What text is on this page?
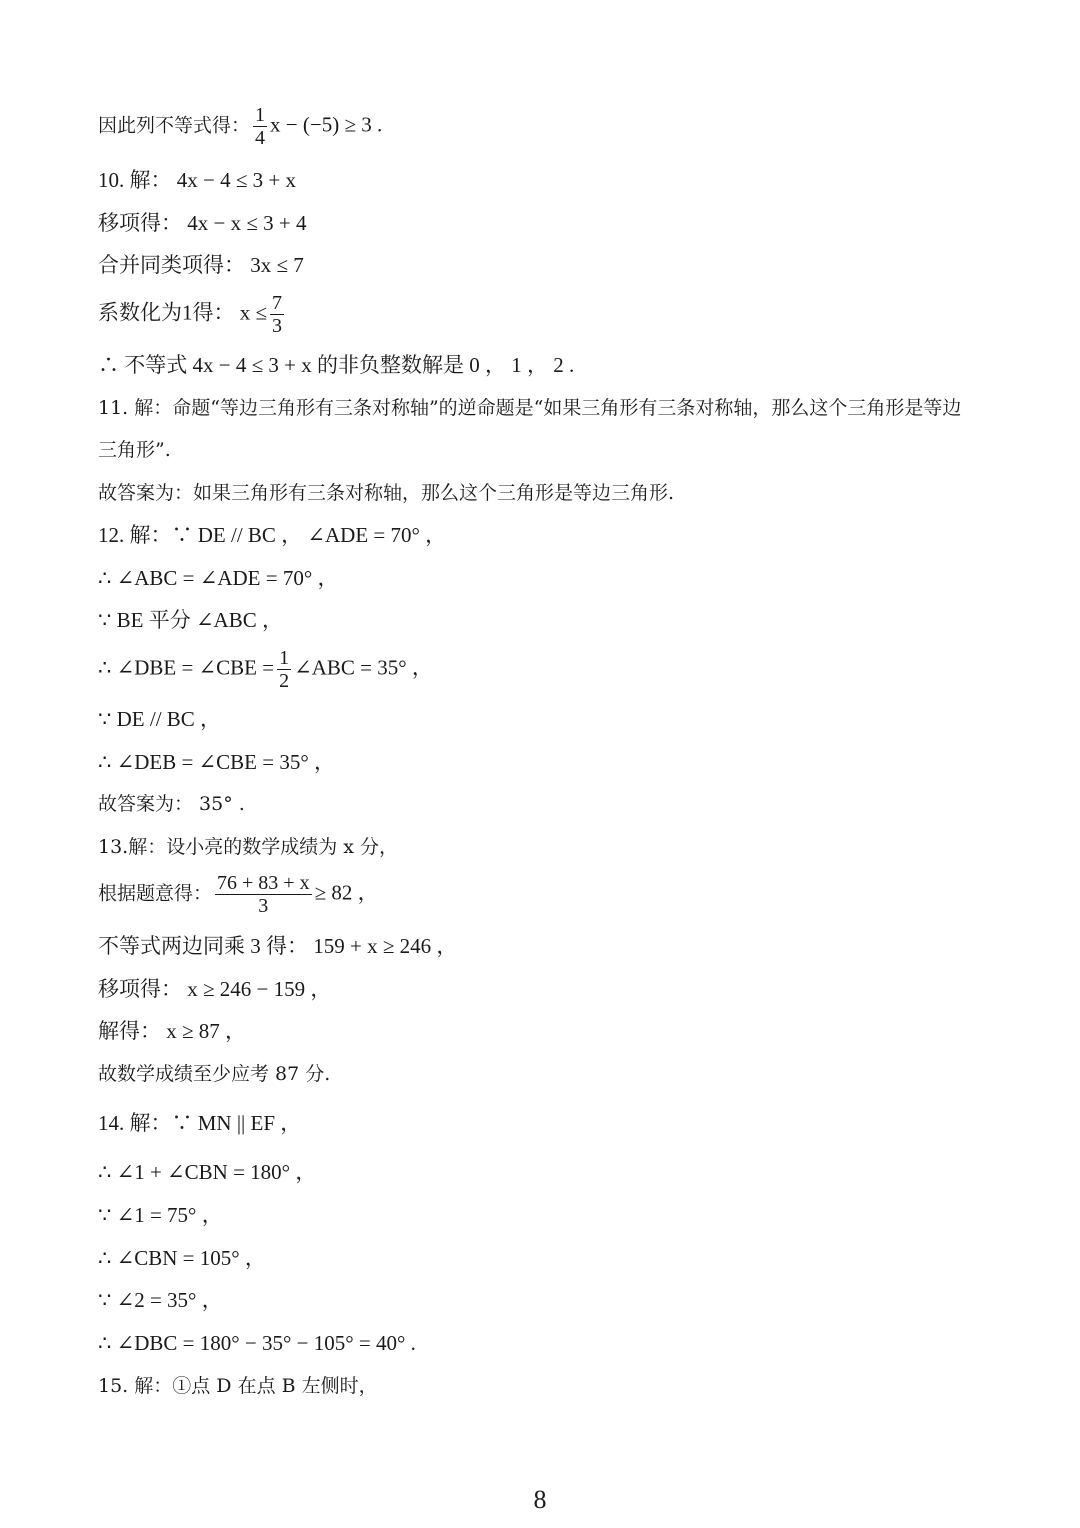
因此列不等式得： $\frac{1}{4}$ x − (−5) ≥ 3 .
10. 解： 4x − 4 ≤ 3 + x
移项得： 4x − x ≤ 3 + 4
合并同类项得： 3x ≤ 7
系数化为1得： $x \le \frac{7}{3}$
∴ 不等式 4x − 4 ≤ 3 + x 的非负整数解是 0 ， 1 ， 2 .
11. 解：命题“等边三角形有三条对称轴”的逆命题是“如果三角形有三条对称轴，那么这个三角形是等边
三角形”.
故答案为：如果三角形有三条对称轴，那么这个三角形是等边三角形.
12. 解：∵ DE // BC ， ∠ADE = 70° ，
∴ ∠ABC = ∠ADE = 70° ，
∵ BE 平分 ∠ABC ，
∴ ∠DBE = ∠CBE = $\frac{1}{2}$ ∠ABC = 35° ，
∵ DE // BC ，
∴ ∠DEB = ∠CBE = 35° ，
故答案为： 35° .
13.解：设小亮的数学成绩为 x 分，
根据题意得： $\frac{76 + 83 + x}{3} \ge 82$ ，
不等式两边同乘 3 得： 159 + x ≥ 246 ，
移项得： x ≥ 246 − 159 ，
解得： x ≥ 87 ，
故数学成绩至少应考 87 分.
14. 解：∵ MN || EF ，
∴ ∠1 + ∠CBN = 180° ，
∵ ∠1 = 75° ，
∴ ∠CBN = 105° ，
∵ ∠2 = 35° ，
∴ ∠DBC = 180° − 35° − 105° = 40° .
15. 解：①点 D 在点 B 左侧时，
8
